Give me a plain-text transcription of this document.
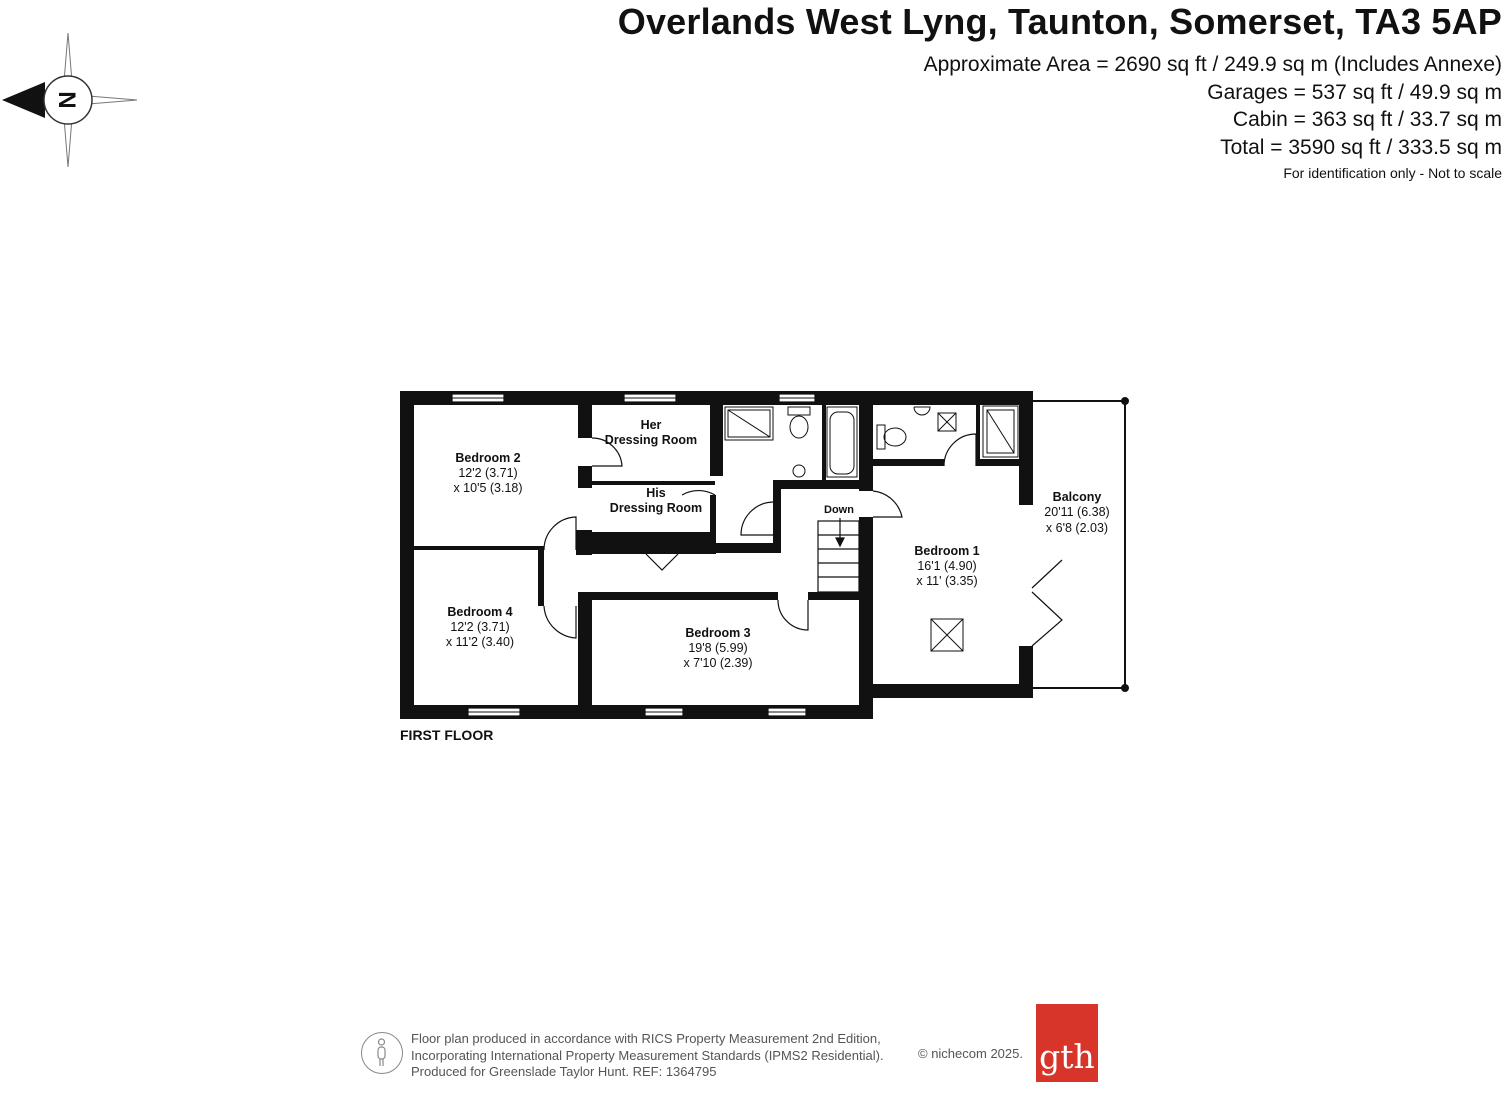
Overlands West Lyng, Taunton, Somerset, TA3 5AP
Approximate Area = 2690 sq ft / 249.9 sq m (Includes Annexe)
Garages = 537 sq ft / 49.9 sq m
Cabin = 363 sq ft / 33.7 sq m
Total = 3590 sq ft / 333.5 sq m
For identification only - Not to scale
N
Bedroom 2
12'2 (3.71)
x 10'5 (3.18)
Her
Dressing Room
His
Dressing Room
Bedroom 4
12'2 (3.71)
x 11'2 (3.40)
Bedroom 3
19'8 (5.99)
x 7'10 (2.39)
Bedroom 1
16'1 (4.90)
x 11' (3.35)
Balcony
20'11 (6.38)
x 6'8 (2.03)
Down
FIRST FLOOR
Floor plan produced in accordance with RICS Property Measurement 2nd Edition,
Incorporating International Property Measurement Standards (IPMS2 Residential).
Produced for Greenslade Taylor Hunt. REF: 1364795
© nichecom 2025. gth
